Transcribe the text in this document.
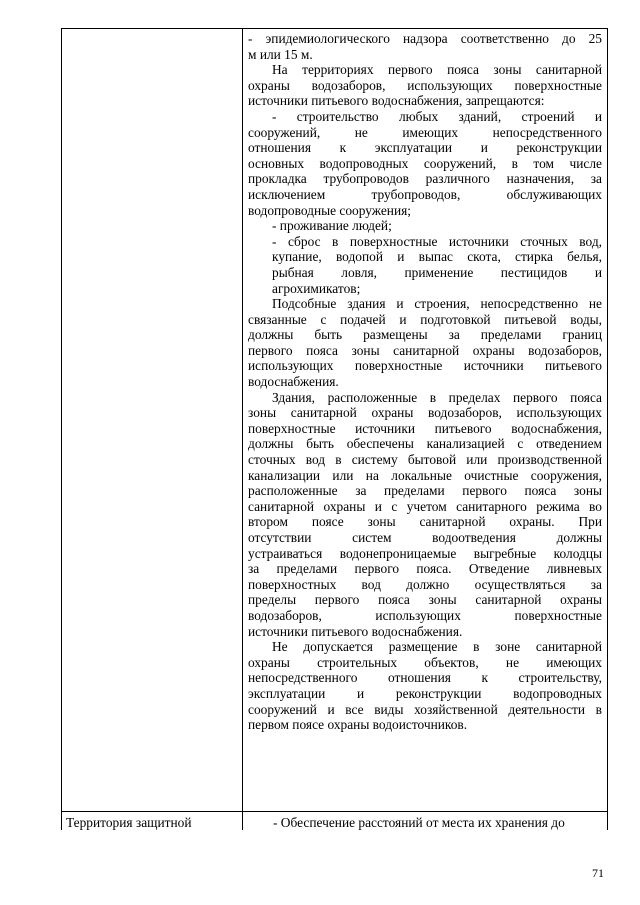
- эпидемиологического надзора соответственно до 25

м или 15 м.

На территориях первого пояса зоны санитарной

охраны водозаборов, использующих поверхностные

источники питьевого водоснабжения, запрещаются:

- строительство любых зданий, строений и

сооружений, не имеющих непосредственного

отношения к эксплуатации и реконструкции

основных водопроводных сооружений, в том числе

прокладка трубопроводов различного назначения, за

исключением трубопроводов, обслуживающих

водопроводные сооружения;

- проживание людей;

- сброс в поверхностные источники сточных вод,

купание, водопой и выпас скота, стирка белья,

рыбная ловля, применение пестицидов и

агрохимикатов;

Подсобные здания и строения, непосредственно не

связанные с подачей и подготовкой питьевой воды,

должны быть размещены за пределами границ

первого пояса зоны санитарной охраны водозаборов,

использующих поверхностные источники питьевого

водоснабжения.

Здания, расположенные в пределах первого пояса

зоны санитарной охраны водозаборов, использующих

поверхностные источники питьевого водоснабжения,

должны быть обеспечены канализацией с отведением

сточных вод в систему бытовой или производственной

канализации или на локальные очистные сооружения,

расположенные за пределами первого пояса зоны

санитарной охраны и с учетом санитарного режима во

втором поясе зоны санитарной охраны. При

отсутствии систем водоотведения должны

устраиваться водонепроницаемые выгребные колодцы

за пределами первого пояса. Отведение ливневых

поверхностных вод должно осуществляться за

пределы первого пояса зоны санитарной охраны

водозаборов, использующих поверхностные

источники питьевого водоснабжения.

Не допускается размещение в зоне санитарной

охраны строительных объектов, не имеющих

непосредственного отношения к строительству,

эксплуатации и реконструкции водопроводных

сооружений и все виды хозяйственной деятельности в

первом поясе охраны водоисточников.

Территория защитной	- Обеспечение расстояний от места их хранения до
71
